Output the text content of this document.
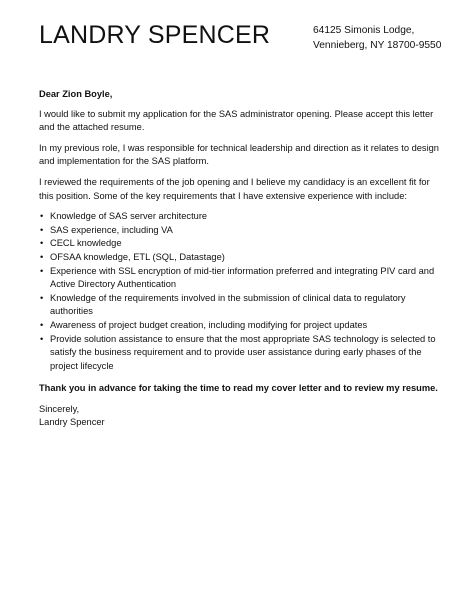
LANDRY SPENCER	64125 Simonis Lodge,
Vennieberg, NY 18700-9550

Dear Zion Boyle,

I would like to submit my application for the SAS administrator opening. Please accept this letter and the attached resume.

In my previous role, I was responsible for technical leadership and direction as it relates to design and implementation for the SAS platform.

I reviewed the requirements of the job opening and I believe my candidacy is an excellent fit for this position. Some of the key requirements that I have extensive experience with include:

• Knowledge of SAS server architecture
• SAS experience, including VA
• CECL knowledge
• OFSAA knowledge, ETL (SQL, Datastage)
• Experience with SSL encryption of mid-tier information preferred and integrating PIV card and Active Directory Authentication
• Knowledge of the requirements involved in the submission of clinical data to regulatory authorities
• Awareness of project budget creation, including modifying for project updates
• Provide solution assistance to ensure that the most appropriate SAS technology is selected to satisfy the business requirement and to provide user assistance during early phases of the project lifecycle

Thank you in advance for taking the time to read my cover letter and to review my resume.

Sincerely,

Landry Spencer
